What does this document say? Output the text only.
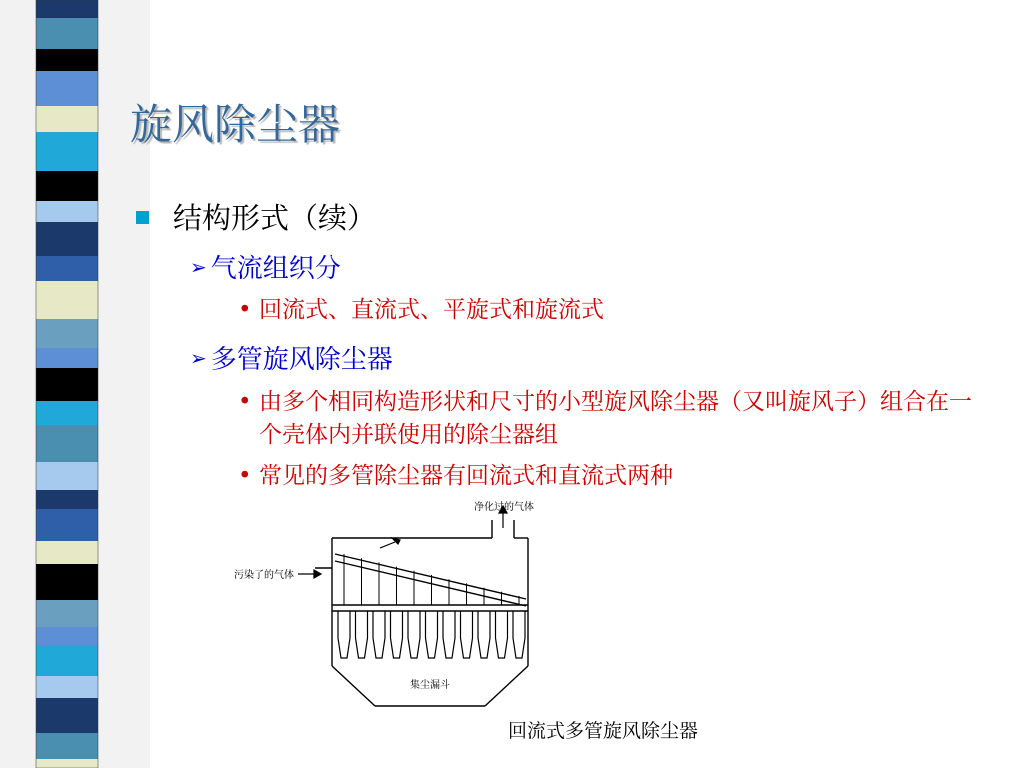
旋风除尘器
结构形式（续）
➢ 气流组织分
• 回流式、直流式、平旋式和旋流式
➢ 多管旋风除尘器
• 由多个相同构造形状和尺寸的小型旋风除尘器（又叫旋风子）组合在一个壳体内并联使用的除尘器组
• 常见的多管除尘器有回流式和直流式两种
净化过的气体
污染了的气体
集尘漏斗
回流式多管旋风除尘器
